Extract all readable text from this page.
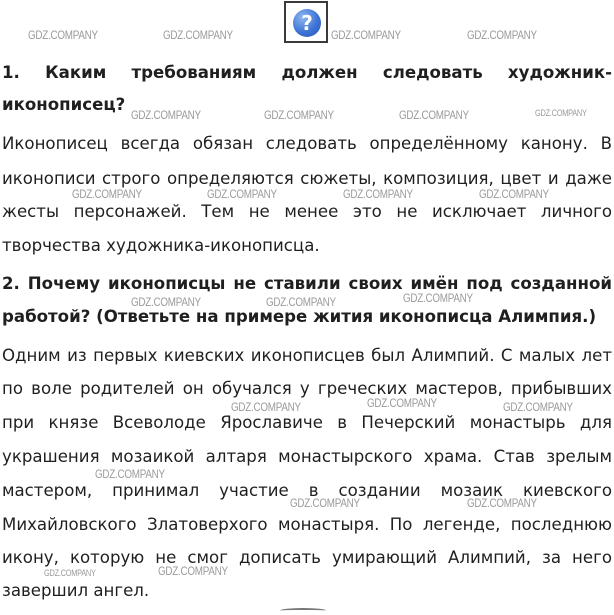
GDZ.COMPANY	GDZ.COMPANY	GDZ.COMPANY	GDZ.COMPANY
GDZ.COMPANY	GDZ.COMPANY	GDZ.COMPANY	GDZ.COMPANY
GDZ.COMPANY	GDZ.COMPANY	GDZ.COMPANY	GDZ.COMPANY
GDZ.COMPANY	GDZ.COMPANY	GDZ.COMPANY
GDZ.COMPANY	GDZ.COMPANY	GDZ.COMPANY
GDZ.COMPANY
GDZ.COMPANY	GDZ.COMPANY
GDZ.COMPANY	GDZ.COMPANY
?
1. Каким требованиям должен следовать художник-
иконописец?
Иконописец всегда обязан следовать определённому канону. В
иконописи строго определяются сюжеты, композиция, цвет и даже
жесты персонажей. Тем не менее это не исключает личного
творчества художника-иконописца.
2. Почему иконописцы не ставили своих имён под созданной
работой? (Ответьте на примере жития иконописца Алимпия.)
Одним из первых киевских иконописцев был Алимпий. С малых лет
по воле родителей он обучался у греческих мастеров, прибывших
при князе Всеволоде Ярославиче в Печерский монастырь для
украшения мозаикой алтаря монастырского храма. Став зрелым
мастером, принимал участие в создании мозаик киевского
Михайловского Златоверхого монастыря. По легенде, последнюю
икону, которую не смог дописать умирающий Алимпий, за него
завершил ангел.
